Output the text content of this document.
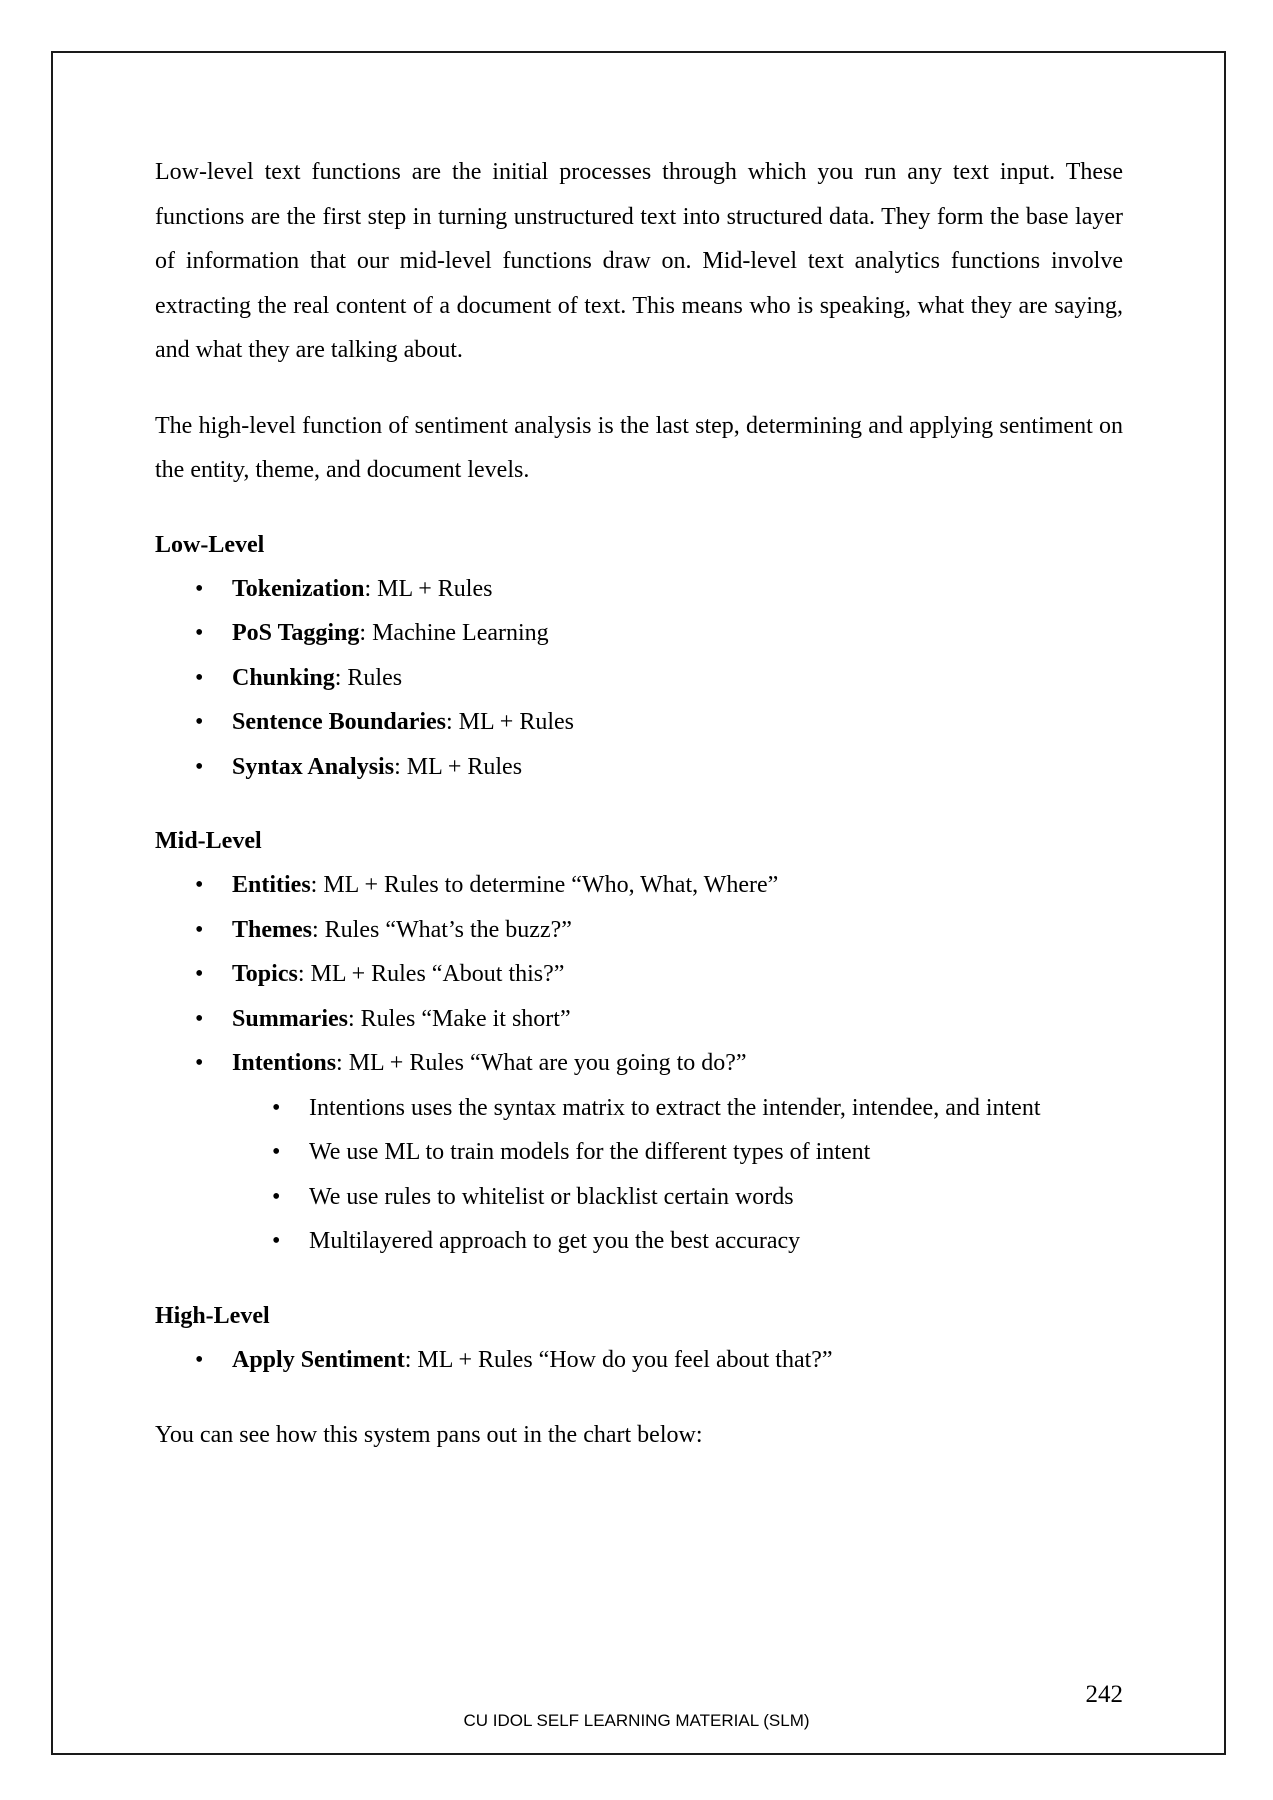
Low-level text functions are the initial processes through which you run any text input. These functions are the first step in turning unstructured text into structured data. They form the base layer of information that our mid-level functions draw on. Mid-level text analytics functions involve extracting the real content of a document of text. This means who is speaking, what they are saying, and what they are talking about.

The high-level function of sentiment analysis is the last step, determining and applying sentiment on the entity, theme, and document levels.

Low-Level
• Tokenization: ML + Rules
• PoS Tagging: Machine Learning
• Chunking: Rules
• Sentence Boundaries: ML + Rules
• Syntax Analysis: ML + Rules
Mid-Level
• Entities: ML + Rules to determine “Who, What, Where”
• Themes: Rules “What’s the buzz?”
• Topics: ML + Rules “About this?”
• Summaries: Rules “Make it short”
• Intentions: ML + Rules “What are you going to do?”
• Intentions uses the syntax matrix to extract the intender, intendee, and intent
• We use ML to train models for the different types of intent
• We use rules to whitelist or blacklist certain words
• Multilayered approach to get you the best accuracy
High-Level
• Apply Sentiment: ML + Rules “How do you feel about that?”

You can see how this system pans out in the chart below:

242
CU IDOL SELF LEARNING MATERIAL (SLM)
